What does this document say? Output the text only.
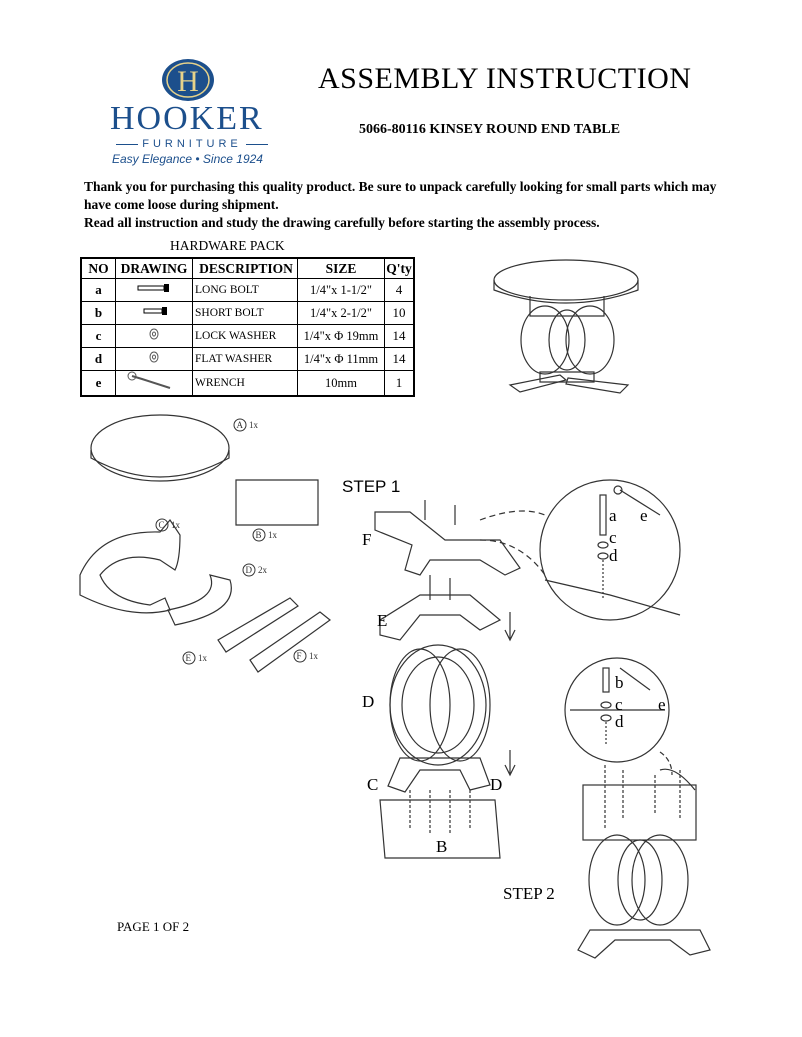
H
HOOKER
FURNITURE
Easy Elegance • Since 1924
ASSEMBLY INSTRUCTION
5066-80116 KINSEY ROUND END TABLE

Thank you for purchasing this quality product. Be sure to unpack carefully looking for small parts which may have come loose during shipment.

Read all instruction and study the drawing carefully before starting the assembly process.

HARDWARE PACK
NO	DRAWING	DESCRIPTION	SIZE	Q'ty
a		LONG BOLT	1/4"x 1-1/2"	4
b		SHORT BOLT	1/4"x 2-1/2"	10
c		LOCK WASHER	1/4"x Φ 19mm	14
d		FLAT WASHER	1/4"x Φ 11mm	14
e		WRENCH	10mm	1
A 1x
B 1x
C 1x
D 2x
E 1x	F 1x
STEP 1
F
E
D
C	D
B
a e
c
d
STEP 2
b
c e
d
PAGE 1 OF 2
